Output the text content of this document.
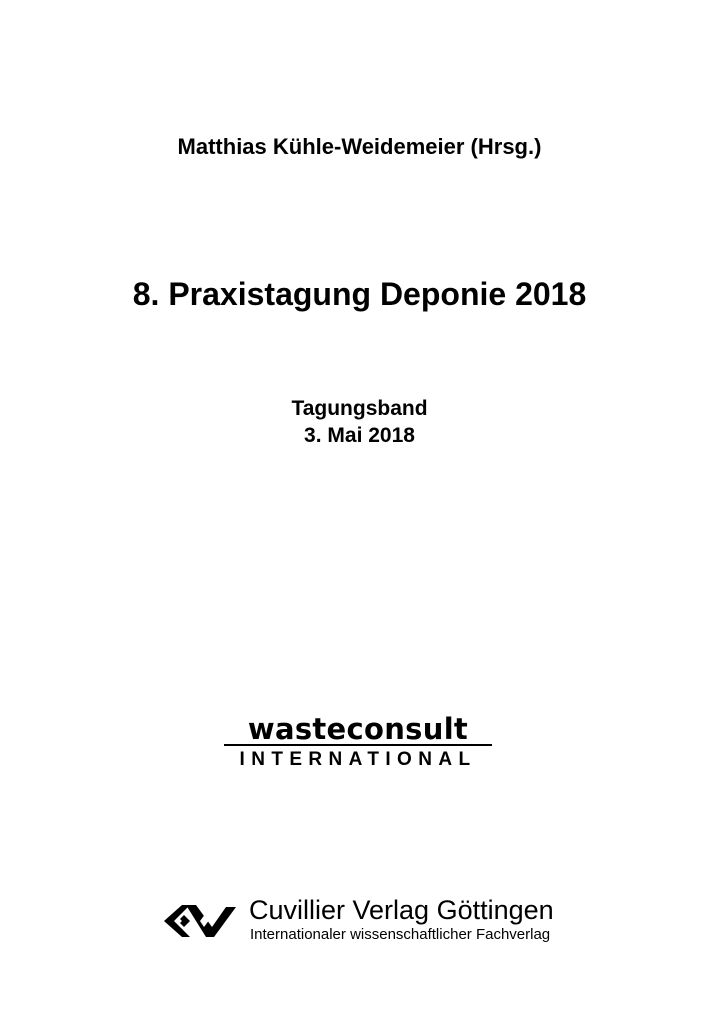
Matthias Kühle-Weidemeier (Hrsg.)
8. Praxistagung Deponie 2018
Tagungsband
3. Mai 2018
wasteconsult
INTERNATIONAL
Cuvillier Verlag Göttingen
Internationaler wissenschaftlicher Fachverlag
